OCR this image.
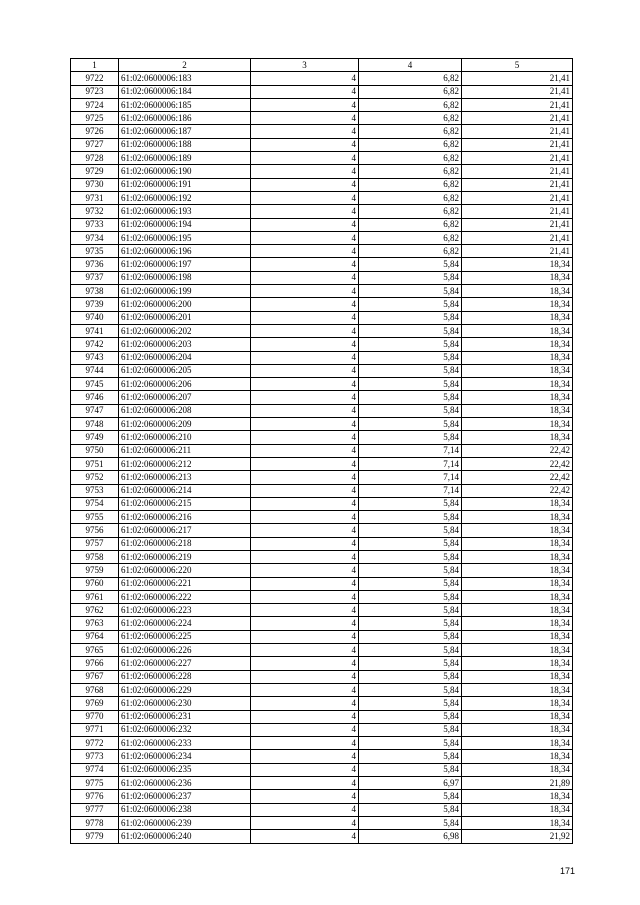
1	2	3	4	5
9722	61:02:0600006:183	4	6,82	21,41
9723	61:02:0600006:184	4	6,82	21,41
9724	61:02:0600006:185	4	6,82	21,41
9725	61:02:0600006:186	4	6,82	21,41
9726	61:02:0600006:187	4	6,82	21,41
9727	61:02:0600006:188	4	6,82	21,41
9728	61:02:0600006:189	4	6,82	21,41
9729	61:02:0600006:190	4	6,82	21,41
9730	61:02:0600006:191	4	6,82	21,41
9731	61:02:0600006:192	4	6,82	21,41
9732	61:02:0600006:193	4	6,82	21,41
9733	61:02:0600006:194	4	6,82	21,41
9734	61:02:0600006:195	4	6,82	21,41
9735	61:02:0600006:196	4	6,82	21,41
9736	61:02:0600006:197	4	5,84	18,34
9737	61:02:0600006:198	4	5,84	18,34
9738	61:02:0600006:199	4	5,84	18,34
9739	61:02:0600006:200	4	5,84	18,34
9740	61:02:0600006:201	4	5,84	18,34
9741	61:02:0600006:202	4	5,84	18,34
9742	61:02:0600006:203	4	5,84	18,34
9743	61:02:0600006:204	4	5,84	18,34
9744	61:02:0600006:205	4	5,84	18,34
9745	61:02:0600006:206	4	5,84	18,34
9746	61:02:0600006:207	4	5,84	18,34
9747	61:02:0600006:208	4	5,84	18,34
9748	61:02:0600006:209	4	5,84	18,34
9749	61:02:0600006:210	4	5,84	18,34
9750	61:02:0600006:211	4	7,14	22,42
9751	61:02:0600006:212	4	7,14	22,42
9752	61:02:0600006:213	4	7,14	22,42
9753	61:02:0600006:214	4	7,14	22,42
9754	61:02:0600006:215	4	5,84	18,34
9755	61:02:0600006:216	4	5,84	18,34
9756	61:02:0600006:217	4	5,84	18,34
9757	61:02:0600006:218	4	5,84	18,34
9758	61:02:0600006:219	4	5,84	18,34
9759	61:02:0600006:220	4	5,84	18,34
9760	61:02:0600006:221	4	5,84	18,34
9761	61:02:0600006:222	4	5,84	18,34
9762	61:02:0600006:223	4	5,84	18,34
9763	61:02:0600006:224	4	5,84	18,34
9764	61:02:0600006:225	4	5,84	18,34
9765	61:02:0600006:226	4	5,84	18,34
9766	61:02:0600006:227	4	5,84	18,34
9767	61:02:0600006:228	4	5,84	18,34
9768	61:02:0600006:229	4	5,84	18,34
9769	61:02:0600006:230	4	5,84	18,34
9770	61:02:0600006:231	4	5,84	18,34
9771	61:02:0600006:232	4	5,84	18,34
9772	61:02:0600006:233	4	5,84	18,34
9773	61:02:0600006:234	4	5,84	18,34
9774	61:02:0600006:235	4	5,84	18,34
9775	61:02:0600006:236	4	6,97	21,89
9776	61:02:0600006:237	4	5,84	18,34
9777	61:02:0600006:238	4	5,84	18,34
9778	61:02:0600006:239	4	5,84	18,34
9779	61:02:0600006:240	4	6,98	21,92
171
